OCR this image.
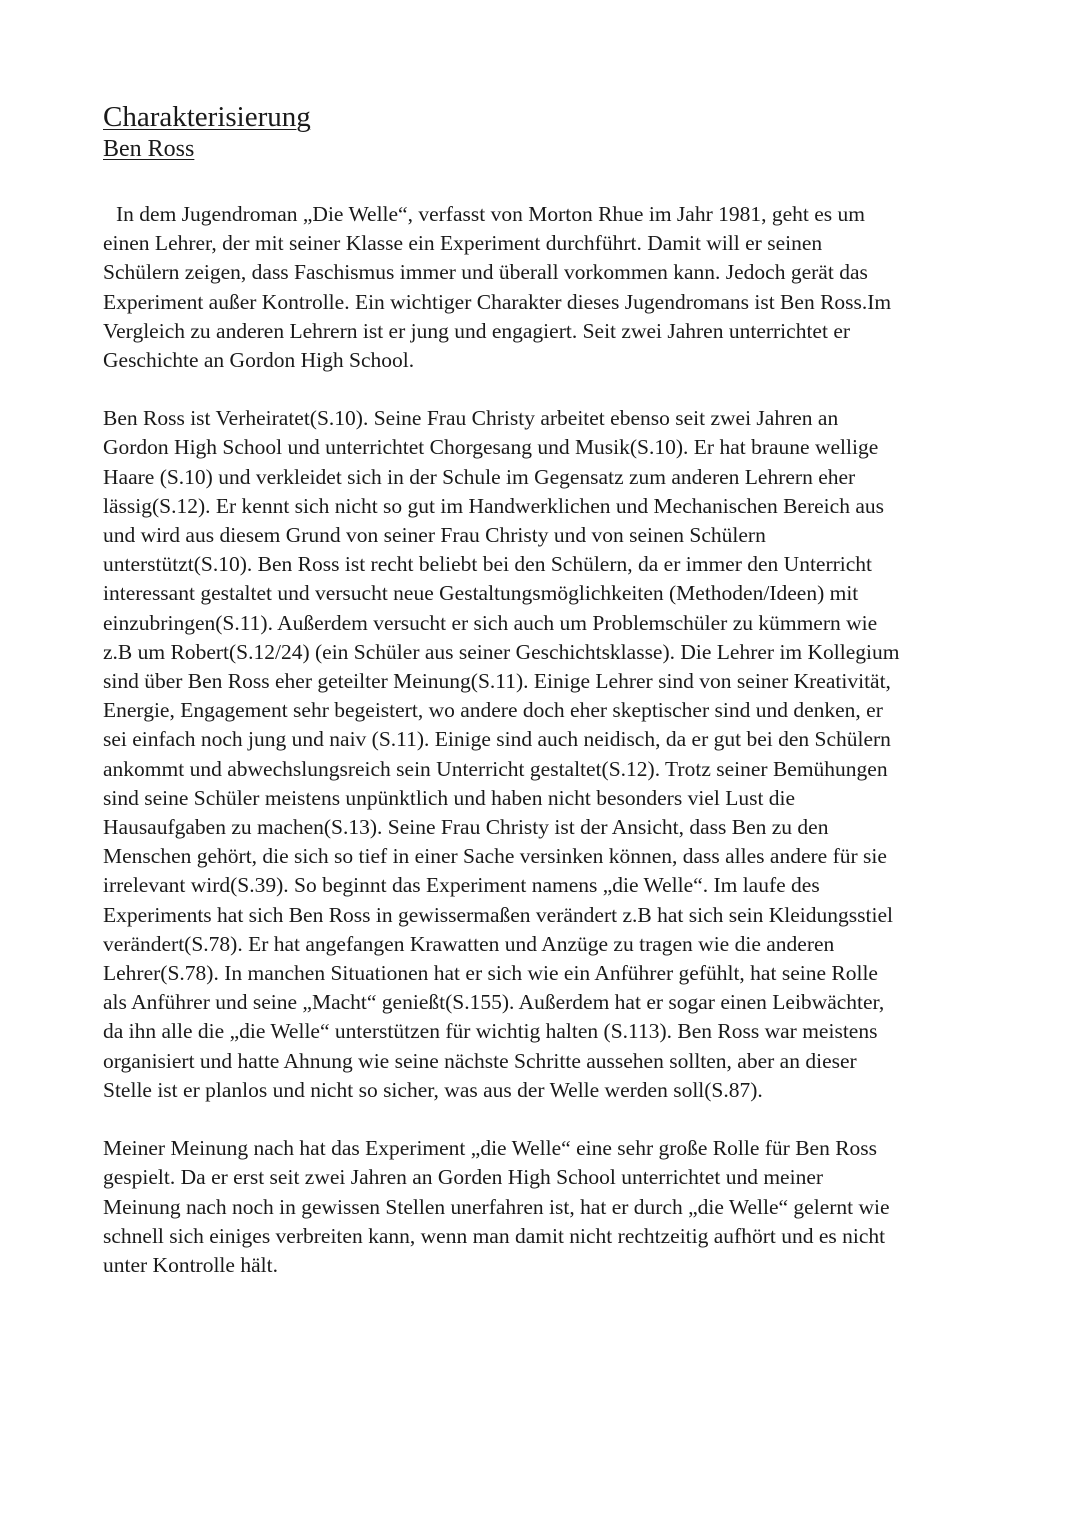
Charakterisierung
Ben Ross

In dem Jugendroman „Die Welle“, verfasst von Morton Rhue im Jahr 1981, geht es um
einen Lehrer, der mit seiner Klasse ein Experiment durchführt. Damit will er seinen
Schülern zeigen, dass Faschismus immer und überall vorkommen kann. Jedoch gerät das
Experiment außer Kontrolle. Ein wichtiger Charakter dieses Jugendromans ist Ben Ross.Im
Vergleich zu anderen Lehrern ist er jung und engagiert. Seit zwei Jahren unterrichtet er
Geschichte an Gordon High School.

Ben Ross ist Verheiratet(S.10). Seine Frau Christy arbeitet ebenso seit zwei Jahren an
Gordon High School und unterrichtet Chorgesang und Musik(S.10). Er hat braune wellige
Haare (S.10) und verkleidet sich in der Schule im Gegensatz zum anderen Lehrern eher
lässig(S.12). Er kennt sich nicht so gut im Handwerklichen und Mechanischen Bereich aus
und wird aus diesem Grund von seiner Frau Christy und von seinen Schülern
unterstützt(S.10). Ben Ross ist recht beliebt bei den Schülern, da er immer den Unterricht
interessant gestaltet und versucht neue Gestaltungsmöglichkeiten (Methoden/Ideen) mit
einzubringen(S.11). Außerdem versucht er sich auch um Problemschüler zu kümmern wie
z.B um Robert(S.12/24) (ein Schüler aus seiner Geschichtsklasse). Die Lehrer im Kollegium
sind über Ben Ross eher geteilter Meinung(S.11). Einige Lehrer sind von seiner Kreativität,
Energie, Engagement sehr begeistert, wo andere doch eher skeptischer sind und denken, er
sei einfach noch jung und naiv (S.11). Einige sind auch neidisch, da er gut bei den Schülern
ankommt und abwechslungsreich sein Unterricht gestaltet(S.12). Trotz seiner Bemühungen
sind seine Schüler meistens unpünktlich und haben nicht besonders viel Lust die
Hausaufgaben zu machen(S.13). Seine Frau Christy ist der Ansicht, dass Ben zu den
Menschen gehört, die sich so tief in einer Sache versinken können, dass alles andere für sie
irrelevant wird(S.39). So beginnt das Experiment namens „die Welle“. Im laufe des
Experiments hat sich Ben Ross in gewissermaßen verändert z.B hat sich sein Kleidungsstiel
verändert(S.78). Er hat angefangen Krawatten und Anzüge zu tragen wie die anderen
Lehrer(S.78). In manchen Situationen hat er sich wie ein Anführer gefühlt, hat seine Rolle
als Anführer und seine „Macht“ genießt(S.155). Außerdem hat er sogar einen Leibwächter,
da ihn alle die „die Welle“ unterstützen für wichtig halten (S.113). Ben Ross war meistens
organisiert und hatte Ahnung wie seine nächste Schritte aussehen sollten, aber an dieser
Stelle ist er planlos und nicht so sicher, was aus der Welle werden soll(S.87).

Meiner Meinung nach hat das Experiment „die Welle“ eine sehr große Rolle für Ben Ross
gespielt. Da er erst seit zwei Jahren an Gorden High School unterrichtet und meiner
Meinung nach noch in gewissen Stellen unerfahren ist, hat er durch „die Welle“ gelernt wie
schnell sich einiges verbreiten kann, wenn man damit nicht rechtzeitig aufhört und es nicht
unter Kontrolle hält.
